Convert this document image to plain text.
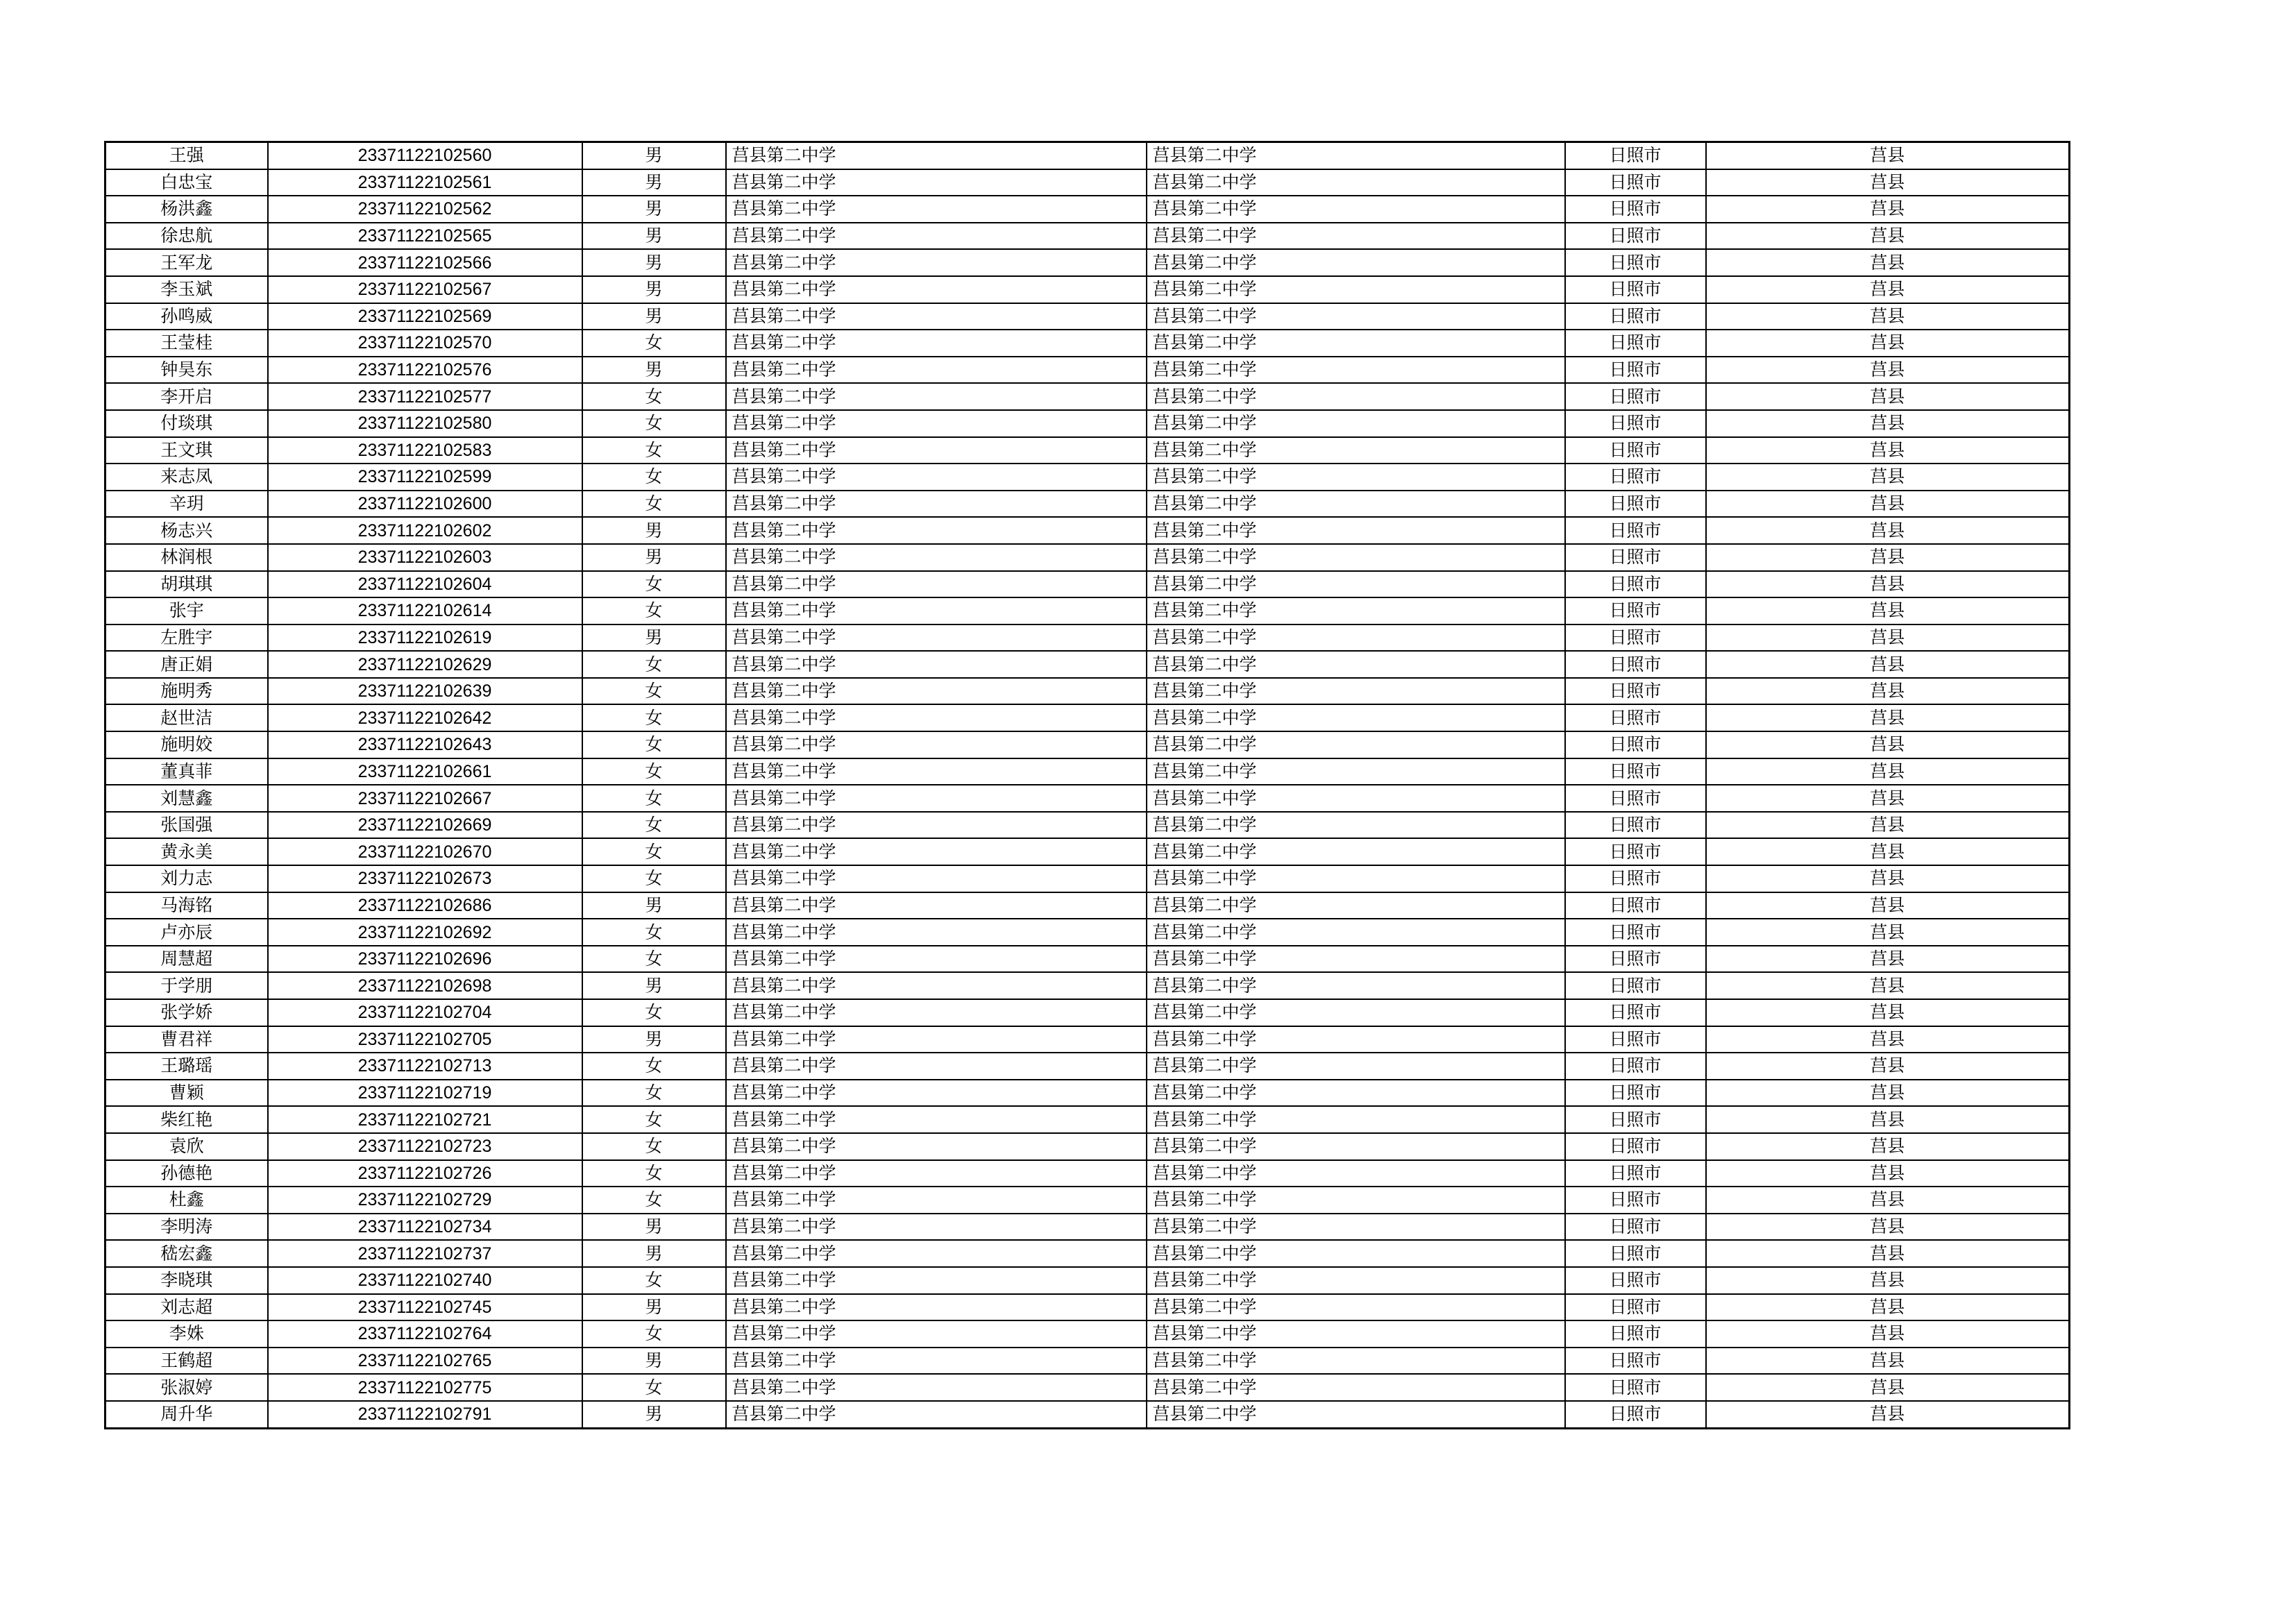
王强	23371122102560	男	莒县第二中学	莒县第二中学	日照市	莒县
白忠宝	23371122102561	男	莒县第二中学	莒县第二中学	日照市	莒县
杨洪鑫	23371122102562	男	莒县第二中学	莒县第二中学	日照市	莒县
徐忠航	23371122102565	男	莒县第二中学	莒县第二中学	日照市	莒县
王军龙	23371122102566	男	莒县第二中学	莒县第二中学	日照市	莒县
李玉斌	23371122102567	男	莒县第二中学	莒县第二中学	日照市	莒县
孙鸣威	23371122102569	男	莒县第二中学	莒县第二中学	日照市	莒县
王莹桂	23371122102570	女	莒县第二中学	莒县第二中学	日照市	莒县
钟昊东	23371122102576	男	莒县第二中学	莒县第二中学	日照市	莒县
李开启	23371122102577	女	莒县第二中学	莒县第二中学	日照市	莒县
付琰琪	23371122102580	女	莒县第二中学	莒县第二中学	日照市	莒县
王文琪	23371122102583	女	莒县第二中学	莒县第二中学	日照市	莒县
来志凤	23371122102599	女	莒县第二中学	莒县第二中学	日照市	莒县
辛玥	23371122102600	女	莒县第二中学	莒县第二中学	日照市	莒县
杨志兴	23371122102602	男	莒县第二中学	莒县第二中学	日照市	莒县
林润根	23371122102603	男	莒县第二中学	莒县第二中学	日照市	莒县
胡琪琪	23371122102604	女	莒县第二中学	莒县第二中学	日照市	莒县
张宇	23371122102614	女	莒县第二中学	莒县第二中学	日照市	莒县
左胜宇	23371122102619	男	莒县第二中学	莒县第二中学	日照市	莒县
唐正娟	23371122102629	女	莒县第二中学	莒县第二中学	日照市	莒县
施明秀	23371122102639	女	莒县第二中学	莒县第二中学	日照市	莒县
赵世洁	23371122102642	女	莒县第二中学	莒县第二中学	日照市	莒县
施明姣	23371122102643	女	莒县第二中学	莒县第二中学	日照市	莒县
董真菲	23371122102661	女	莒县第二中学	莒县第二中学	日照市	莒县
刘慧鑫	23371122102667	女	莒县第二中学	莒县第二中学	日照市	莒县
张国强	23371122102669	女	莒县第二中学	莒县第二中学	日照市	莒县
黄永美	23371122102670	女	莒县第二中学	莒县第二中学	日照市	莒县
刘力志	23371122102673	女	莒县第二中学	莒县第二中学	日照市	莒县
马海铭	23371122102686	男	莒县第二中学	莒县第二中学	日照市	莒县
卢亦辰	23371122102692	女	莒县第二中学	莒县第二中学	日照市	莒县
周慧超	23371122102696	女	莒县第二中学	莒县第二中学	日照市	莒县
于学朋	23371122102698	男	莒县第二中学	莒县第二中学	日照市	莒县
张学娇	23371122102704	女	莒县第二中学	莒县第二中学	日照市	莒县
曹君祥	23371122102705	男	莒县第二中学	莒县第二中学	日照市	莒县
王璐瑶	23371122102713	女	莒县第二中学	莒县第二中学	日照市	莒县
曹颖	23371122102719	女	莒县第二中学	莒县第二中学	日照市	莒县
柴红艳	23371122102721	女	莒县第二中学	莒县第二中学	日照市	莒县
袁欣	23371122102723	女	莒县第二中学	莒县第二中学	日照市	莒县
孙德艳	23371122102726	女	莒县第二中学	莒县第二中学	日照市	莒县
杜鑫	23371122102729	女	莒县第二中学	莒县第二中学	日照市	莒县
李明涛	23371122102734	男	莒县第二中学	莒县第二中学	日照市	莒县
嵇宏鑫	23371122102737	男	莒县第二中学	莒县第二中学	日照市	莒县
李晓琪	23371122102740	女	莒县第二中学	莒县第二中学	日照市	莒县
刘志超	23371122102745	男	莒县第二中学	莒县第二中学	日照市	莒县
李姝	23371122102764	女	莒县第二中学	莒县第二中学	日照市	莒县
王鹤超	23371122102765	男	莒县第二中学	莒县第二中学	日照市	莒县
张淑婷	23371122102775	女	莒县第二中学	莒县第二中学	日照市	莒县
周升华	23371122102791	男	莒县第二中学	莒县第二中学	日照市	莒县
